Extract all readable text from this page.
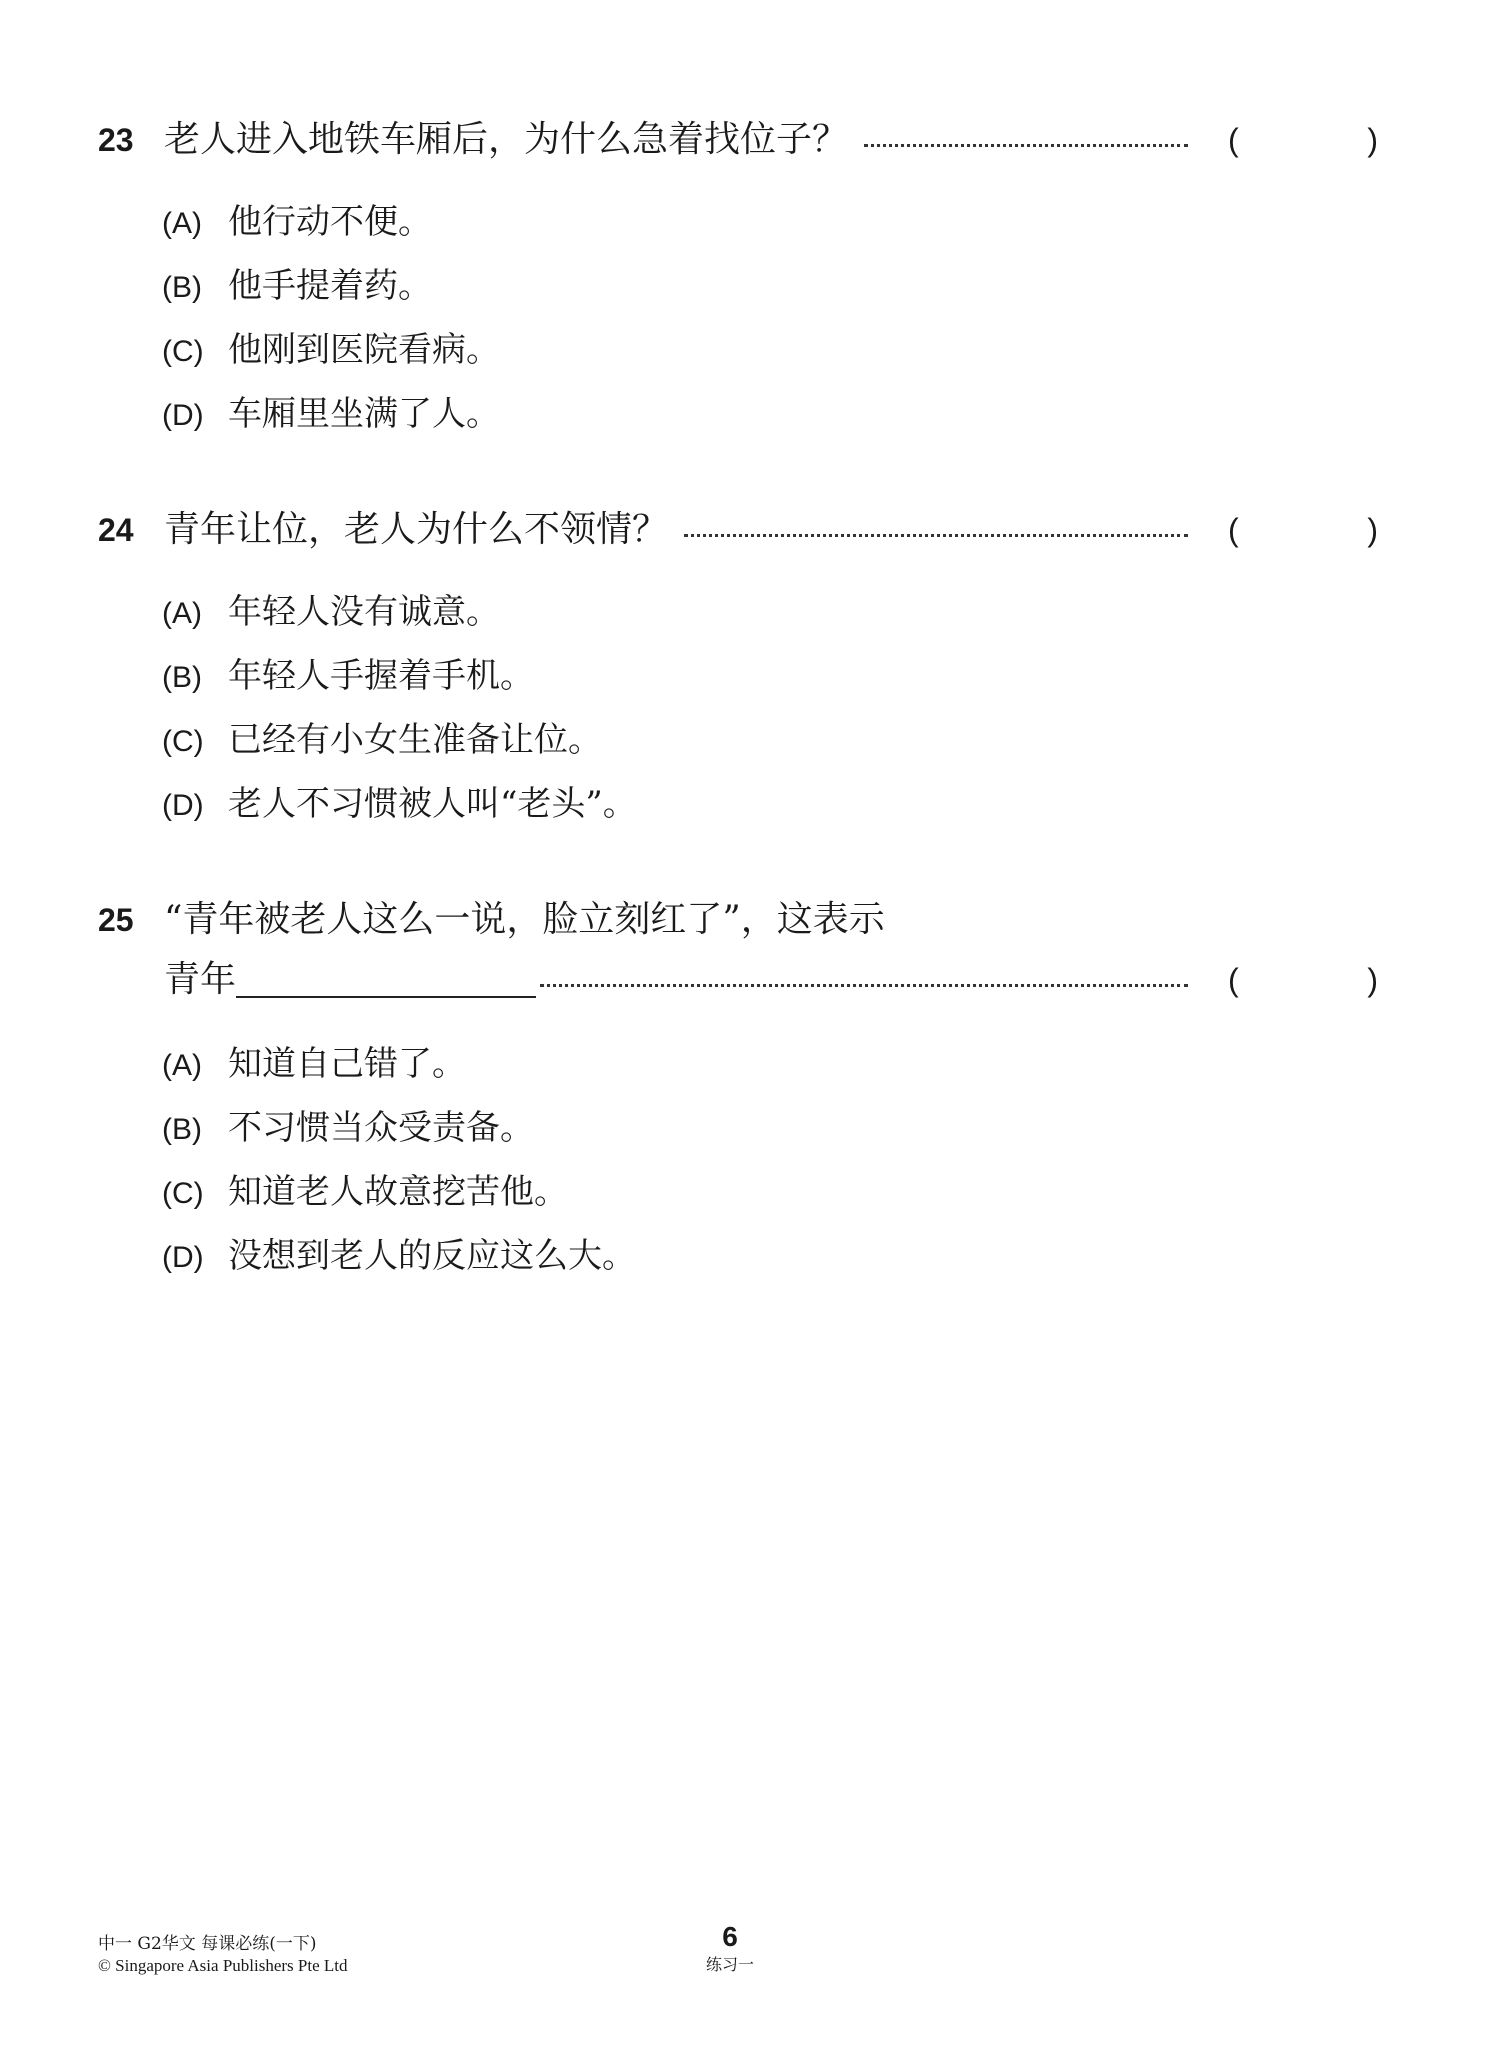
23 老人进入地铁车厢后，为什么急着找位子？	(	)
(A) 他行动不便。
(B) 他手提着药。
(C) 他刚到医院看病。
(D) 车厢里坐满了人。
24 青年让位，老人为什么不领情？	(	)
(A) 年轻人没有诚意。
(B) 年轻人手握着手机。
(C) 已经有小女生准备让位。
(D) 老人不习惯被人叫“老头”。
25 “青年被老人这么一说，脸立刻红了”，这表示
青年	(	)
(A) 知道自己错了。
(B) 不习惯当众受责备。
(C) 知道老人故意挖苦他。
(D) 没想到老人的反应这么大。
中一 G2华文 每课必练(一下)
© Singapore Asia Publishers Pte Ltd
6
练习一
